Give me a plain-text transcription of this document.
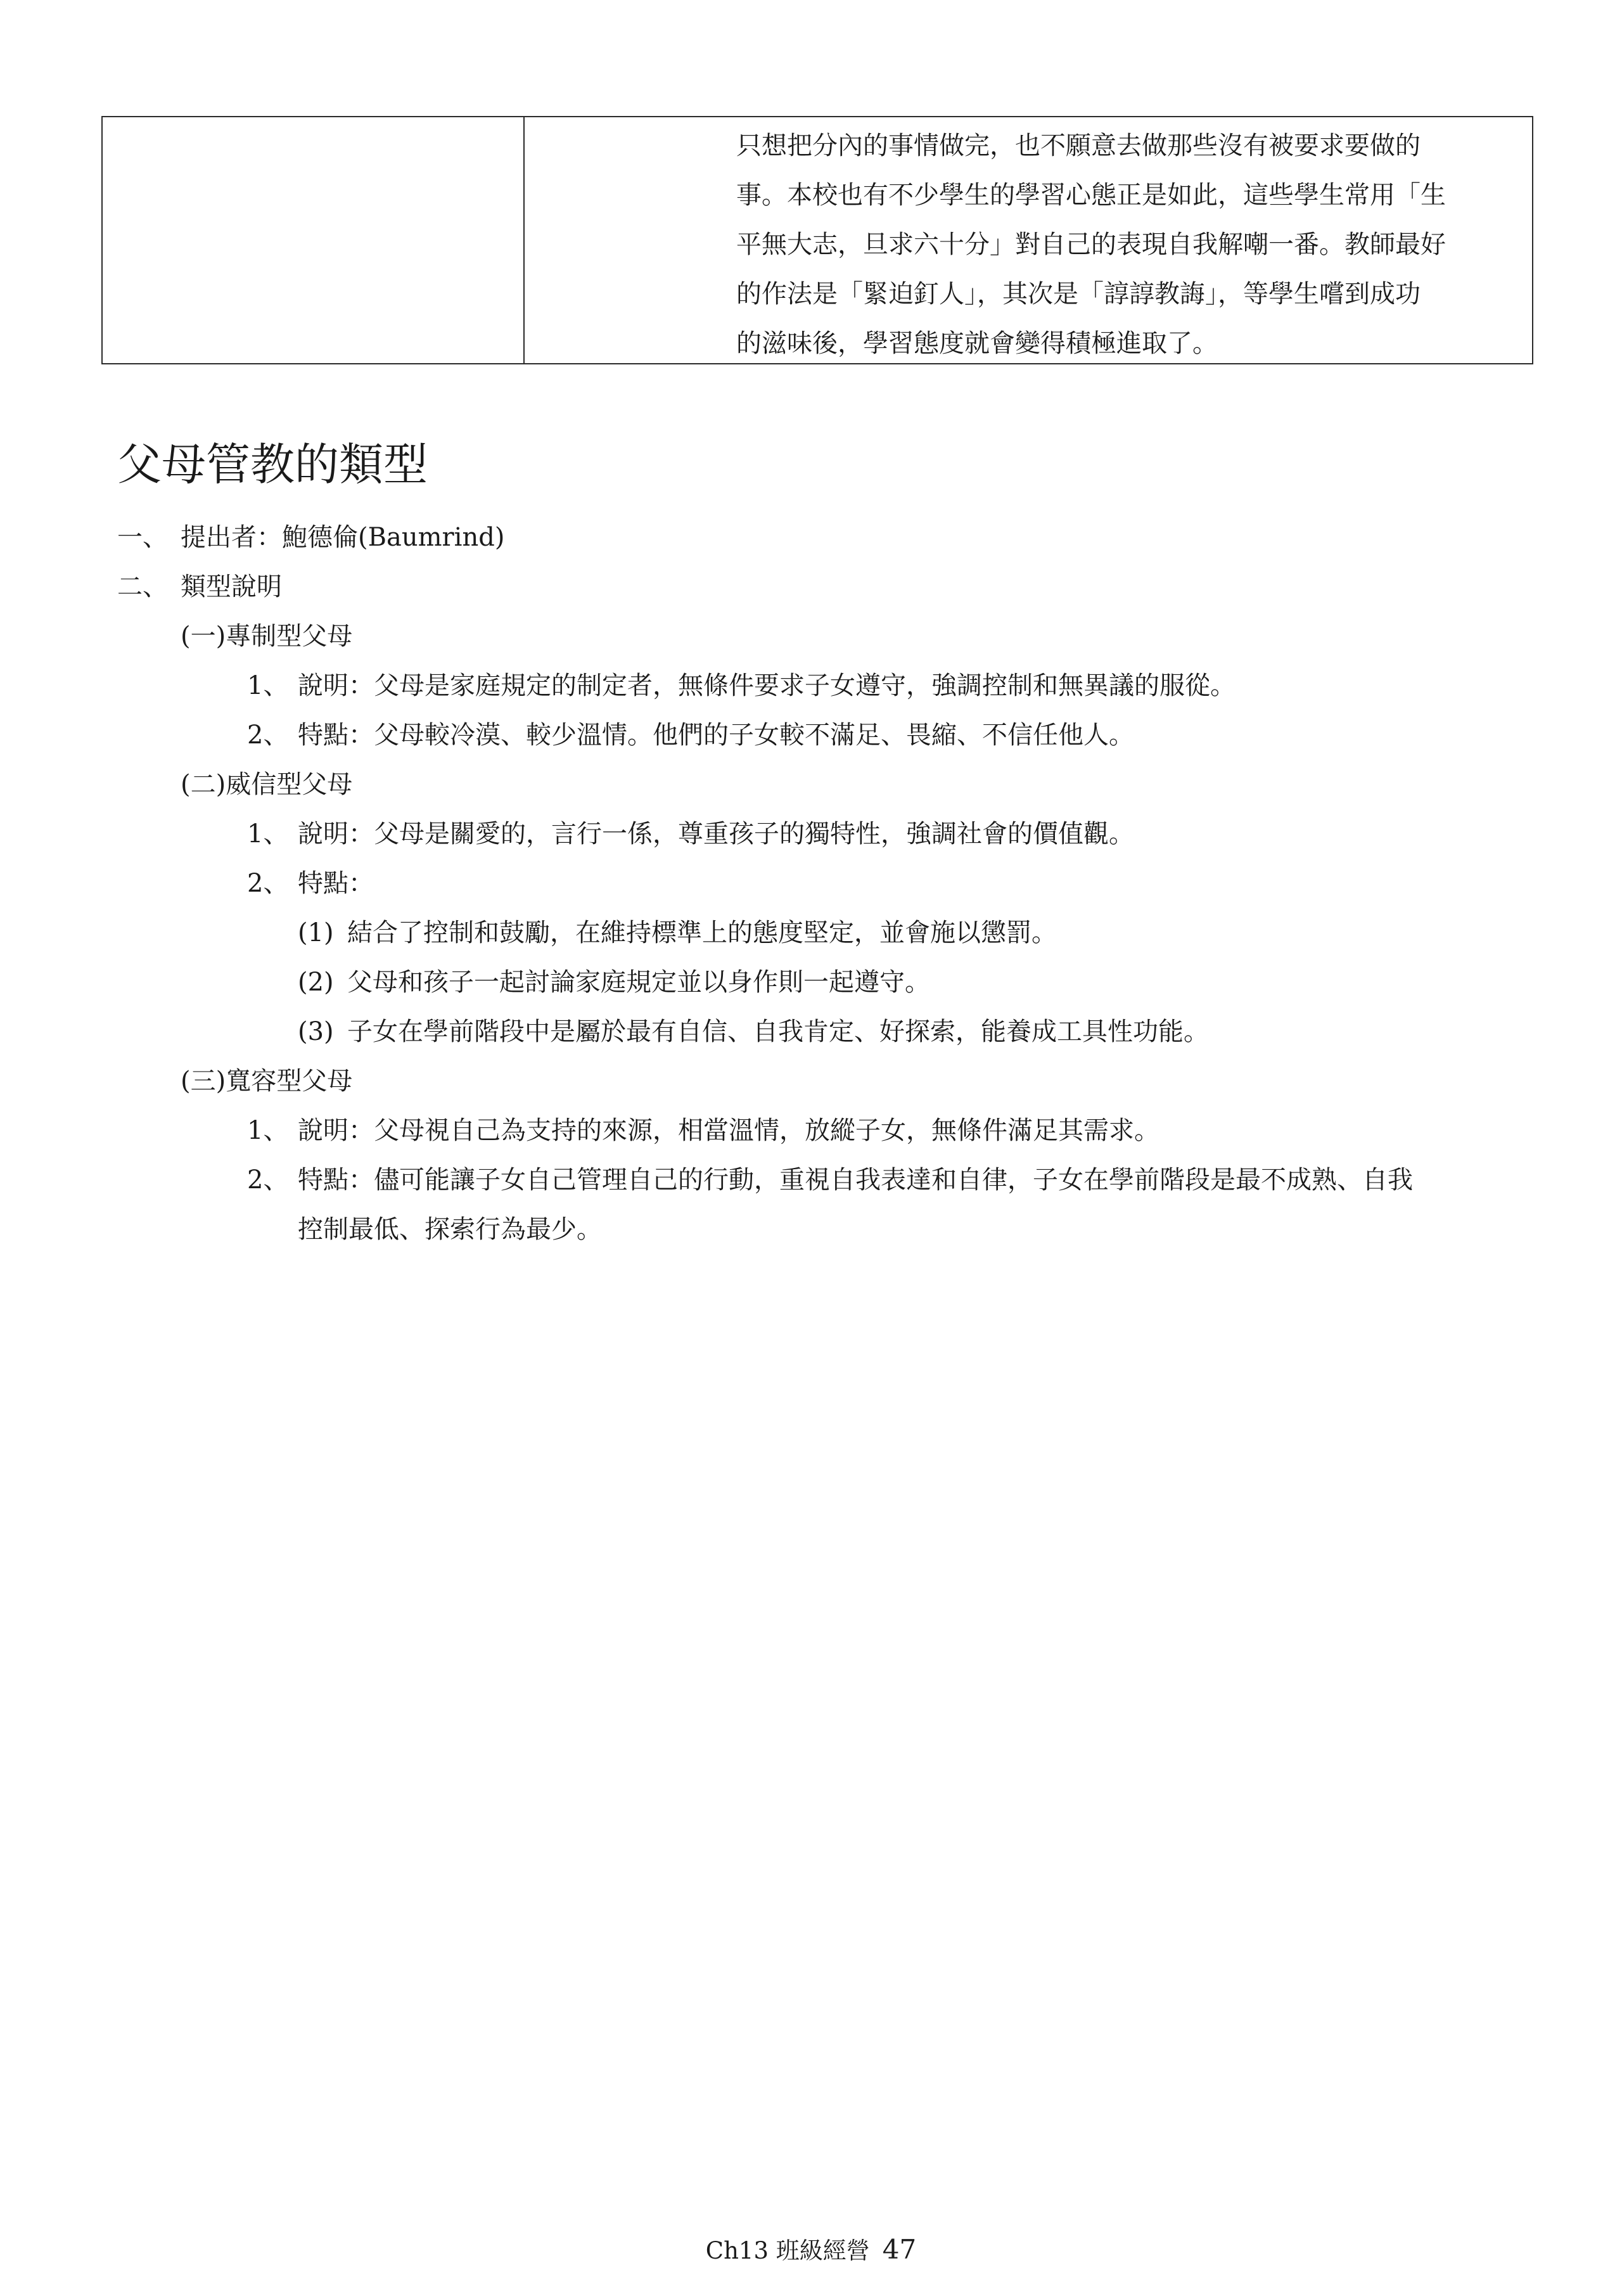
只想把分內的事情做完，也不願意去做那些沒有被要求要做的
事。本校也有不少學生的學習心態正是如此，這些學生常用「生
平無大志，旦求六十分」對自己的表現自我解嘲一番。教師最好
的作法是「緊迫釘人」，其次是「諄諄教誨」，等學生嚐到成功
的滋味後，學習態度就會變得積極進取了。
父母管教的類型
一、 提出者：鮑德倫(Baumrind)
二、 類型說明
(一)專制型父母
1、 說明：父母是家庭規定的制定者，無條件要求子女遵守，強調控制和無異議的服從。
2、 特點：父母較冷漠、較少溫情。他們的子女較不滿足、畏縮、不信任他人。
(二)威信型父母
1、 說明：父母是關愛的，言行一係，尊重孩子的獨特性，強調社會的價值觀。
2、 特點：
(1) 結合了控制和鼓勵，在維持標準上的態度堅定，並會施以懲罰。
(2) 父母和孩子一起討論家庭規定並以身作則一起遵守。
(3) 子女在學前階段中是屬於最有自信、自我肯定、好探索，能養成工具性功能。
(三)寬容型父母
1、 說明：父母視自己為支持的來源，相當溫情，放縱子女，無條件滿足其需求。
2、 特點：儘可能讓子女自己管理自己的行動，重視自我表達和自律，子女在學前階段是最不成熟、自我
控制最低、探索行為最少。
Ch13 班級經營 47
